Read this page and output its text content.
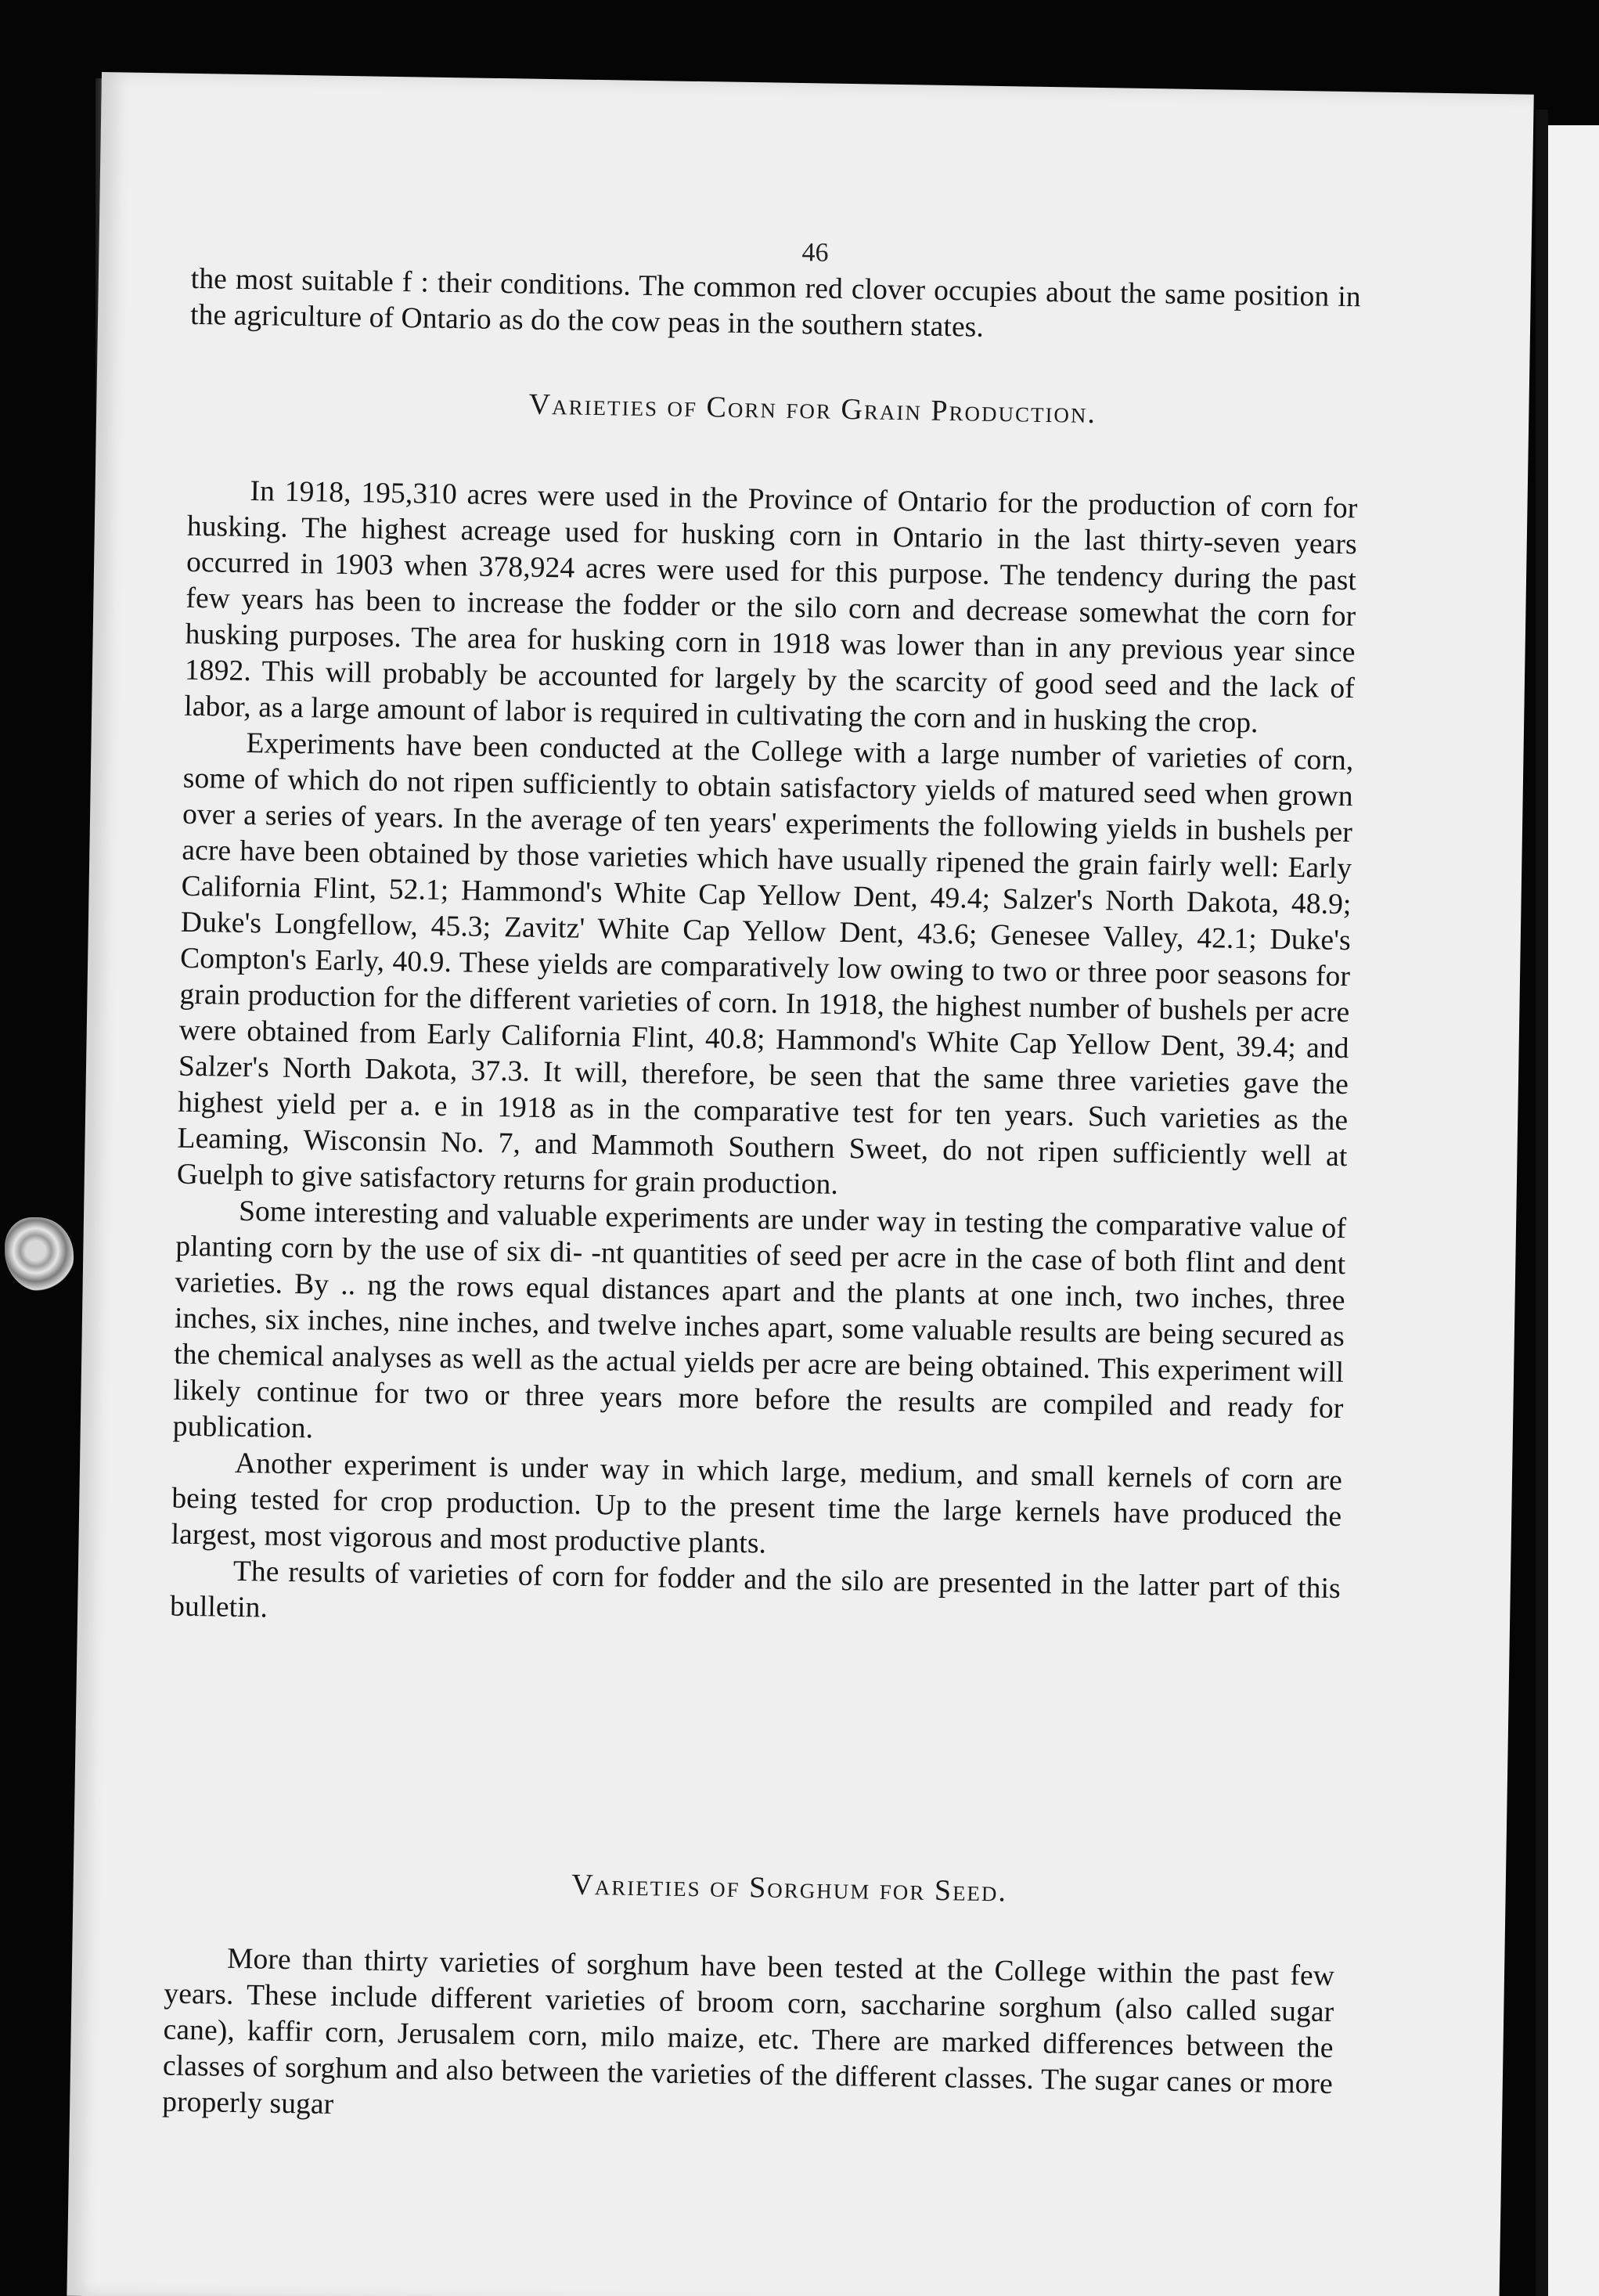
46

the most suitable f : their conditions. The common red clover occupies about the same position in the agriculture of Ontario as do the cow peas in the southern states.

Varieties of Corn for Grain Production.

In 1918, 195,310 acres were used in the Province of Ontario for the production of corn for husking. The highest acreage used for husking corn in Ontario in the last thirty-seven years occurred in 1903 when 378,924 acres were used for this purpose. The tendency during the past few years has been to increase the fodder or the silo corn and decrease somewhat the corn for husking purposes. The area for husking corn in 1918 was lower than in any previous year since 1892. This will probably be accounted for largely by the scarcity of good seed and the lack of labor, as a large amount of labor is required in cultivating the corn and in husking the crop.

Experiments have been conducted at the College with a large number of varieties of corn, some of which do not ripen sufficiently to obtain satisfactory yields of matured seed when grown over a series of years. In the average of ten years' experiments the following yields in bushels per acre have been obtained by those varieties which have usually ripened the grain fairly well: Early California Flint, 52.1; Hammond's White Cap Yellow Dent, 49.4; Salzer's North Dakota, 48.9; Duke's Longfellow, 45.3; Zavitz' White Cap Yellow Dent, 43.6; Genesee Valley, 42.1; Duke's Compton's Early, 40.9. These yields are comparatively low owing to two or three poor seasons for grain production for the different varieties of corn. In 1918, the highest number of bushels per acre were obtained from Early California Flint, 40.8; Hammond's White Cap Yellow Dent, 39.4; and Salzer's North Dakota, 37.3. It will, therefore, be seen that the same three varieties gave the highest yield per a. e in 1918 as in the comparative test for ten years. Such varieties as the Leaming, Wisconsin No. 7, and Mammoth Southern Sweet, do not ripen sufficiently well at Guelph to give satisfactory returns for grain production.

Some interesting and valuable experiments are under way in testing the comparative value of planting corn by the use of six di- -nt quantities of seed per acre in the case of both flint and dent varieties. By .. ng the rows equal distances apart and the plants at one inch, two inches, three inches, six inches, nine inches, and twelve inches apart, some valuable results are being secured as the chemical analyses as well as the actual yields per acre are being obtained. This experiment will likely continue for two or three years more before the results are compiled and ready for publication.

Another experiment is under way in which large, medium, and small kernels of corn are being tested for crop production. Up to the present time the large kernels have produced the largest, most vigorous and most productive plants.

The results of varieties of corn for fodder and the silo are presented in the latter part of this bulletin.

Varieties of Sorghum for Seed.

More than thirty varieties of sorghum have been tested at the College within the past few years. These include different varieties of broom corn, saccharine sorghum (also called sugar cane), kaffir corn, Jerusalem corn, milo maize, etc. There are marked differences between the classes of sorghum and also between the varieties of the different classes. The sugar canes or more properly sugar
